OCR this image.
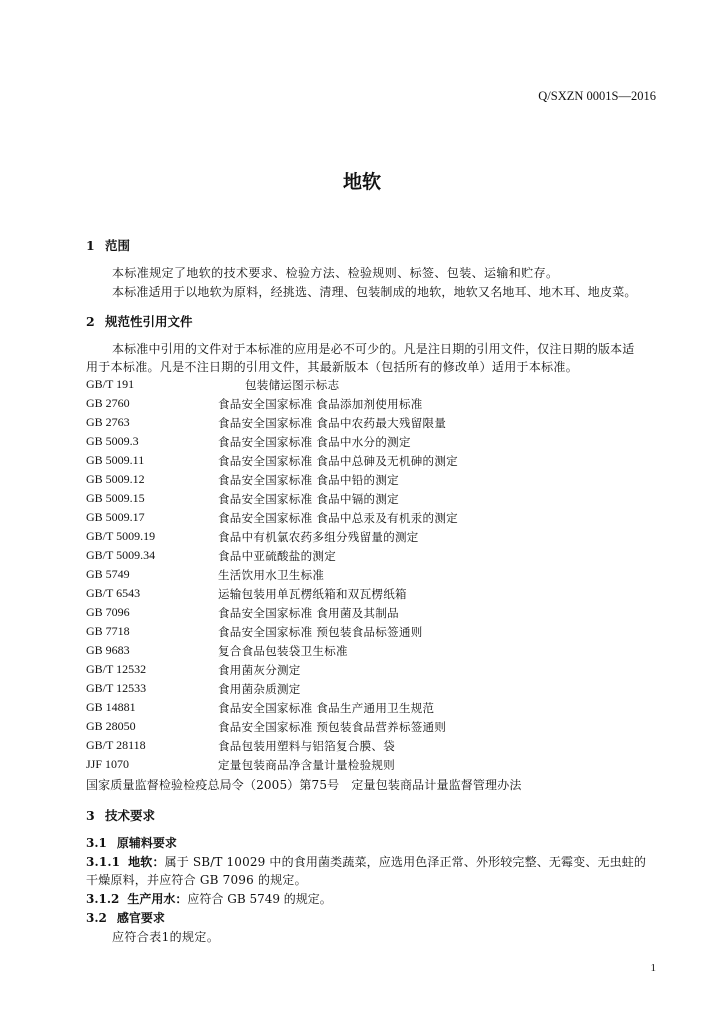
Q/SXZN 0001S—2016
地软
1 范围
本标准规定了地软的技术要求、检验方法、检验规则、标签、包装、运输和贮存。
本标准适用于以地软为原料，经挑选、清理、包装制成的地软，地软又名地耳、地木耳、地皮菜。
2 规范性引用文件
本标准中引用的文件对于本标准的应用是必不可少的。凡是注日期的引用文件，仅注日期的版本适
用于本标准。凡是不注日期的引用文件，其最新版本（包括所有的修改单）适用于本标准。
GB/T 191	包装储运图示标志
GB 2760	食品安全国家标准 食品添加剂使用标准
GB 2763	食品安全国家标准 食品中农药最大残留限量
GB 5009.3	食品安全国家标准 食品中水分的测定
GB 5009.11	食品安全国家标准 食品中总砷及无机砷的测定
GB 5009.12	食品安全国家标准 食品中铅的测定
GB 5009.15	食品安全国家标准 食品中镉的测定
GB 5009.17	食品安全国家标准 食品中总汞及有机汞的测定
GB/T 5009.19	食品中有机氯农药多组分残留量的测定
GB/T 5009.34	食品中亚硫酸盐的测定
GB 5749	生活饮用水卫生标准
GB/T 6543	运输包装用单瓦楞纸箱和双瓦楞纸箱
GB 7096	食品安全国家标准 食用菌及其制品
GB 7718	食品安全国家标准 预包装食品标签通则
GB 9683	复合食品包装袋卫生标准
GB/T 12532	食用菌灰分测定
GB/T 12533	食用菌杂质测定
GB 14881	食品安全国家标准 食品生产通用卫生规范
GB 28050	食品安全国家标准 预包装食品营养标签通则
GB/T 28118	食品包装用塑料与铝箔复合膜、袋
JJF 1070	定量包装商品净含量计量检验规则
国家质量监督检验检疫总局令（2005）第75号　定量包装商品计量监督管理办法
3 技术要求
3.1 原辅料要求
3.1.1 地软：属于 SB/T 10029 中的食用菌类蔬菜，应选用色泽正常、外形较完整、无霉变、无虫蛀的
干燥原料，并应符合 GB 7096 的规定。
3.1.2 生产用水：应符合 GB 5749 的规定。
3.2 感官要求
应符合表1的规定。
1
